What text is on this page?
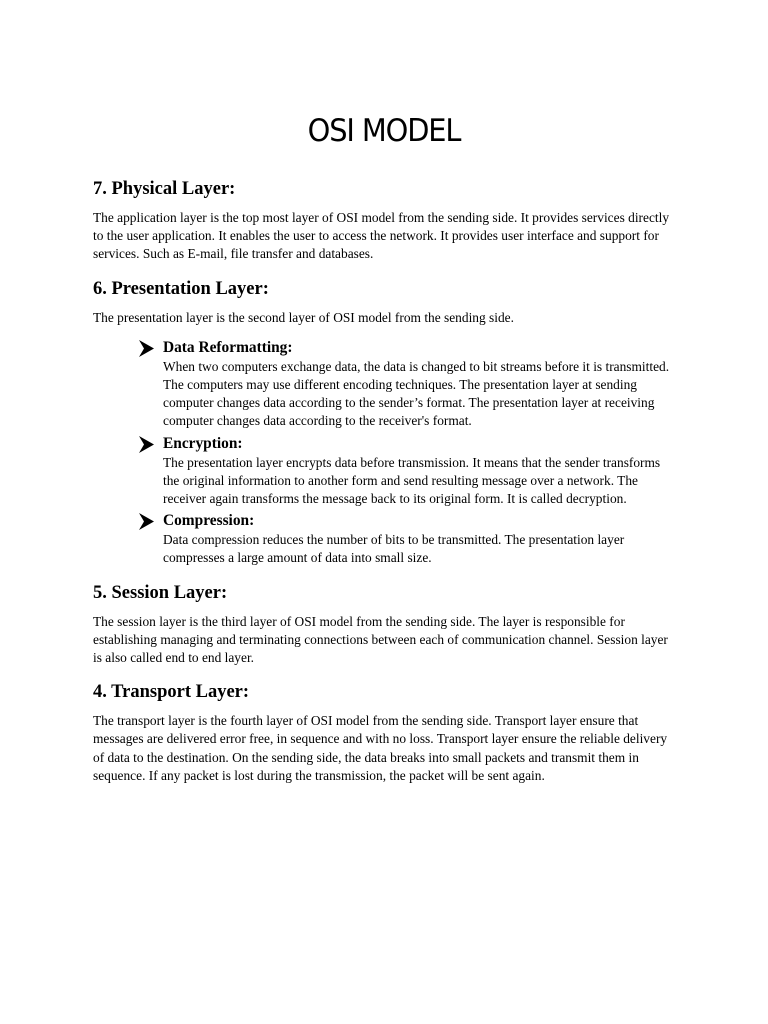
OSI MODEL
7. Physical Layer:

The application layer is the top most layer of OSI model from the sending side. It provides services directly to the user application. It enables the user to access the network. It provides user interface and support for services. Such as E-mail, file transfer and databases.

6. Presentation Layer:

The presentation layer is the second layer of OSI model from the sending side.

Data Reformatting:

When two computers exchange data, the data is changed to bit streams before it is transmitted. The computers may use different encoding techniques. The presentation layer at sending computer changes data according to the sender’s format. The presentation layer at receiving computer changes data according to the receiver's format.

Encryption:

The presentation layer encrypts data before transmission. It means that the sender transforms the original information to another form and send resulting message over a network. The receiver again transforms the message back to its original form. It is called decryption.

Compression:

Data compression reduces the number of bits to be transmitted. The presentation layer compresses a large amount of data into small size.

5. Session Layer:

The session layer is the third layer of OSI model from the sending side. The layer is responsible for establishing managing and terminating connections between each of communication channel. Session layer is also called end to end layer.

4. Transport Layer:

The transport layer is the fourth layer of OSI model from the sending side. Transport layer ensure that messages are delivered error free, in sequence and with no loss. Transport layer ensure the reliable delivery of data to the destination. On the sending side, the data breaks into small packets and transmit them in sequence. If any packet is lost during the transmission, the packet will be sent again.
